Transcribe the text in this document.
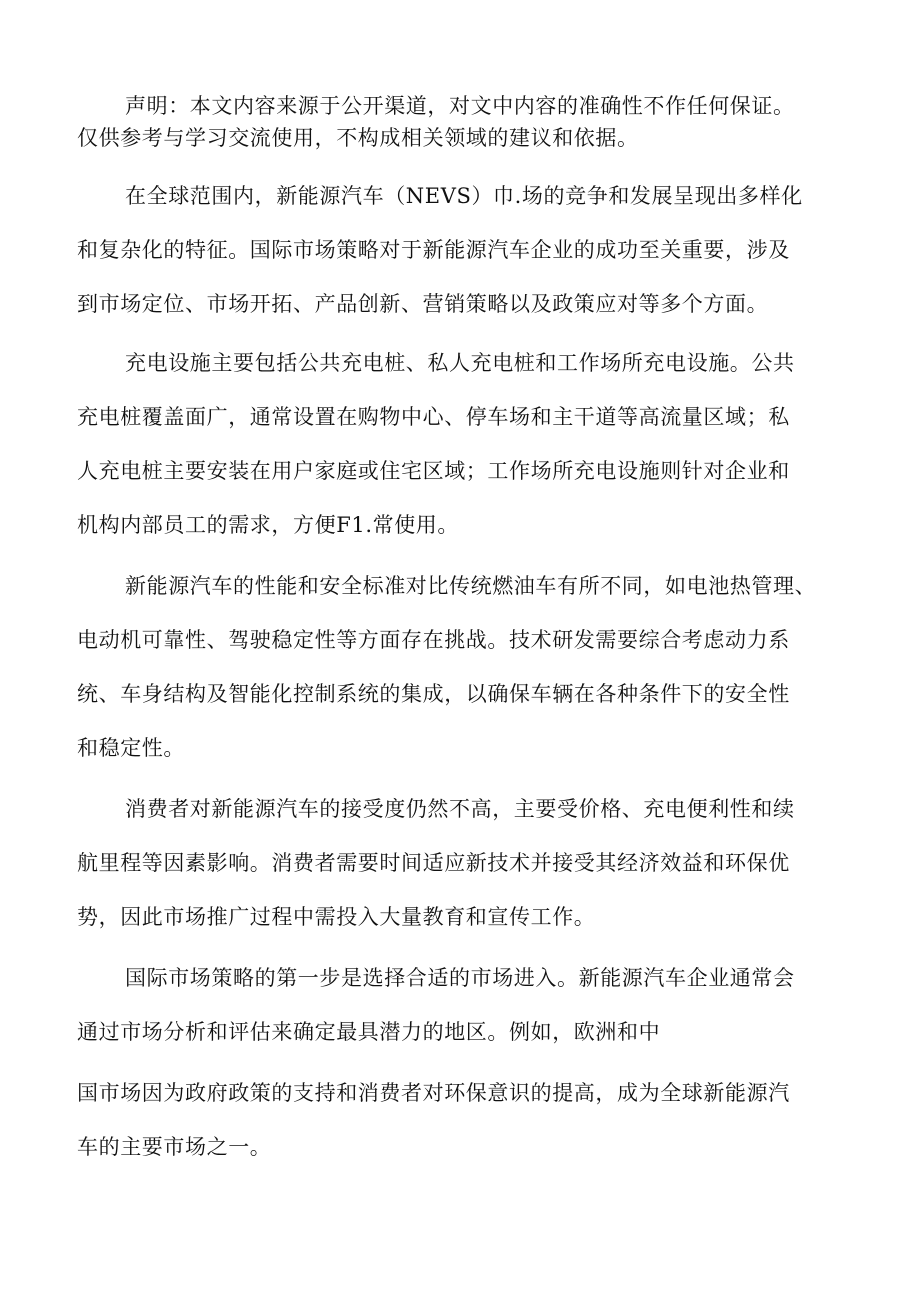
声明：本文内容来源于公开渠道，对文中内容的准确性不作任何保证。
仅供参考与学习交流使用，不构成相关领域的建议和依据。
在全球范围内，新能源汽车（NEVS）巾.场的竞争和发展呈现出多样化
和复杂化的特征。国际市场策略对于新能源汽车企业的成功至关重要，涉及
到市场定位、市场开拓、产品创新、营销策略以及政策应对等多个方面。
充电设施主要包括公共充电桩、私人充电桩和工作场所充电设施。公共
充电桩覆盖面广，通常设置在购物中心、停车场和主干道等高流量区域；私
人充电桩主要安装在用户家庭或住宅区域；工作场所充电设施则针对企业和
机构内部员工的需求，方便F1.常使用。
新能源汽车的性能和安全标准对比传统燃油车有所不同，如电池热管理、
电动机可靠性、驾驶稳定性等方面存在挑战。技术研发需要综合考虑动力系
统、车身结构及智能化控制系统的集成，以确保车辆在各种条件下的安全性
和稳定性。
消费者对新能源汽车的接受度仍然不高，主要受价格、充电便利性和续
航里程等因素影响。消费者需要时间适应新技术并接受其经济效益和环保优
势，因此市场推广过程中需投入大量教育和宣传工作。
国际市场策略的第一步是选择合适的市场进入。新能源汽车企业通常会
通过市场分析和评估来确定最具潜力的地区。例如，欧洲和中
国市场因为政府政策的支持和消费者对环保意识的提高，成为全球新能源汽
车的主要市场之一。
